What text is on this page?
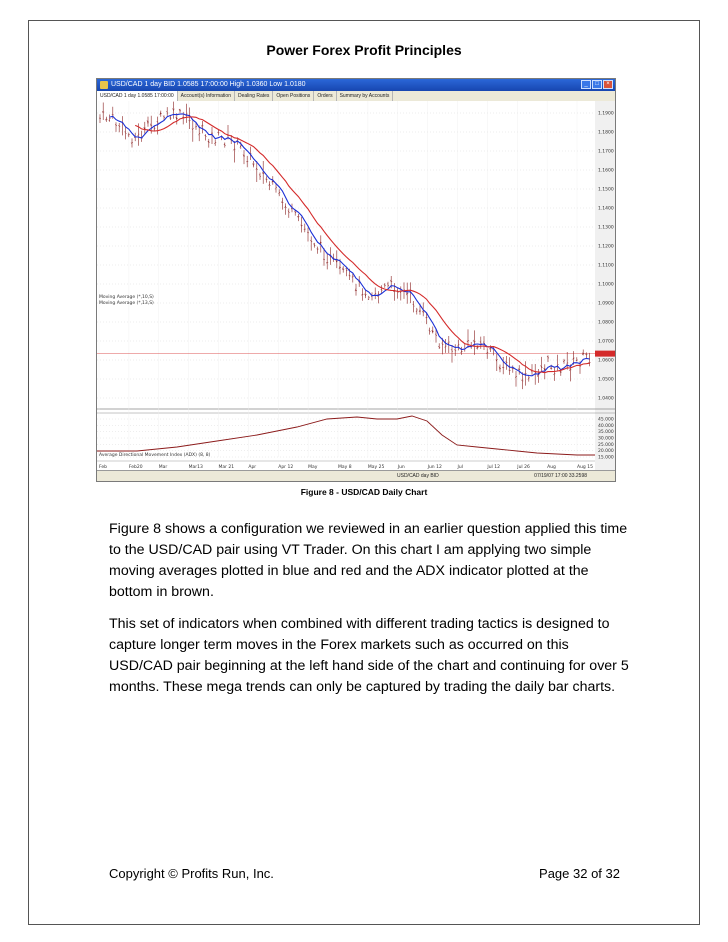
Power Forex Profit Principles
USD/CAD 1 day BID 1.0585 17:00:00 High 1.0360 Low 1.0180	_	□	×
USD/CAD 1 day 1.0585 17:00:00	Account(s) Information	Dealing Rates	Open Positions	Orders	Summary by Accounts
1.1900
1.1800
1.1700
1.1600
1.1500
1.1400
1.1300
1.1200
1.1100
1.1000
1.0900
1.0800
1.0700
1.0600
1.0500
1.0400
45.000
40.000
35.000
30.000
25.000
20.000
15.000
Feb	Feb20	Mar	Mar13	Mar 21	Apr	Apr 12	May	May 8	May 25	Jun	Jun 12	Jul	Jul 12	Jul 26	Aug	Aug 15
Moving Average (*,10,S)
Moving Average (*,13,S)
Average Directional Movement Index (ADX) (8, 8)
USD/CAD day BID	07/19/07 17:00 33.2598
Figure 8 - USD/CAD Daily Chart

Figure 8 shows a configuration we reviewed in an earlier question applied this time to the USD/CAD pair using VT Trader. On this chart I am applying two simple moving averages plotted in blue and red and the ADX indicator plotted at the bottom in brown.

This set of indicators when combined with different trading tactics is designed to capture longer term moves in the Forex markets such as occurred on this USD/CAD pair beginning at the left hand side of the chart and continuing for over 5 months. These mega trends can only be captured by trading the daily bar charts.

Copyright © Profits Run, Inc.	Page 32 of 32
